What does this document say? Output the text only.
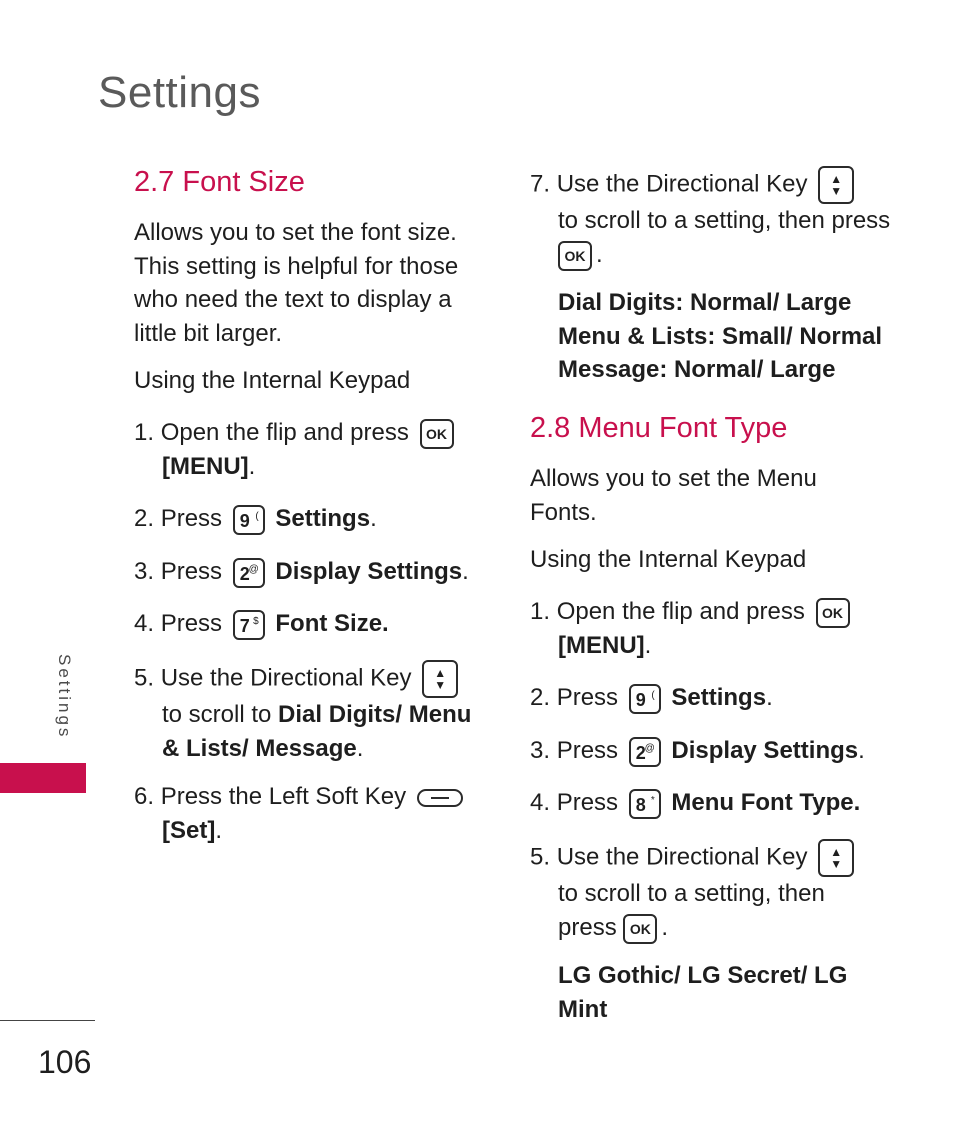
Settings
2.7 Font Size
Allows you to set the font size.
This setting is helpful for those
who need the text to display a
little bit larger.
Using the Internal Keypad
1. Open the flip and press OK
[MENU].
2. Press 9 ( Settings.
3. Press 2
@ Display Settings.
4. Press 7 $ Font Size.
5. Use the Directional Key ▲
▼
to scroll to Dial Digits/ Menu
& Lists/ Message.
6. Press the Left Soft Key
[Set].
7. Use the Directional Key ▲
▼
to scroll to a setting, then press
OK .
Dial Digits: Normal/ Large
Menu & Lists: Small/ Normal
Message: Normal/ Large
2.8 Menu Font Type
Allows you to set the Menu
Fonts.
Using the Internal Keypad
1. Open the flip and press OK
[MENU].
2. Press 9 ( Settings.
3. Press 2
@ Display Settings.
4. Press 8 * Menu Font Type.
5. Use the Directional Key ▲
▼
to scroll to a setting, then
press OK .
LG Gothic/ LG Secret/ LG
Mint
Settings
106
